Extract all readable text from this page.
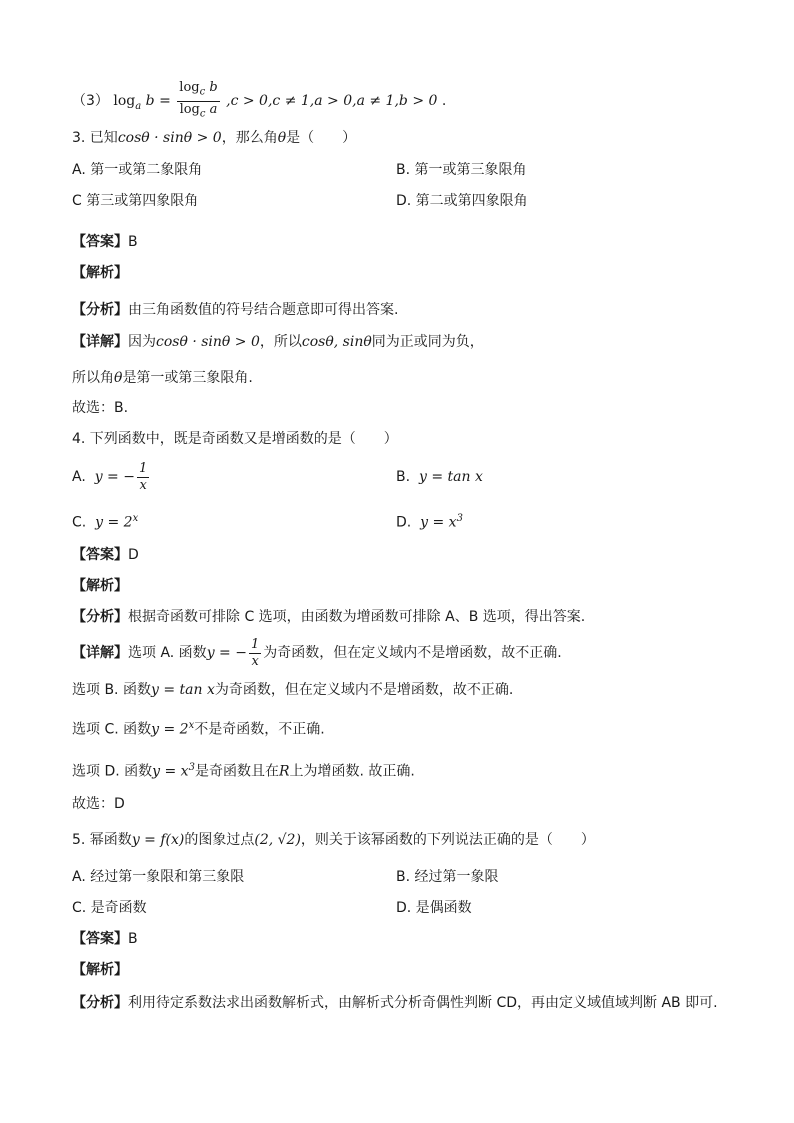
（3） $\log_a b = \frac{\log_c b}{\log_c a} ,c > 0,c \ne 1,a > 0,a \ne 1,b > 0$ .
3. 已知cosθ · sinθ > 0，那么角θ是（　　）
A. 第一或第二象限角	B. 第一或第三象限角
C 第三或第四象限角	D. 第二或第四象限角
【答案】B
【解析】
【分析】由三角函数值的符号结合题意即可得出答案.
【详解】因为cosθ · sinθ > 0，所以cosθ, sinθ同为正或同为负，
所以角θ是第一或第三象限角.
故选：B.
4. 下列函数中，既是奇函数又是增函数的是（　　）
A. y = − $\frac{1}{x}$	B. y = tan x
C. $y = 2^x$	D. $y = x^3$
【答案】D
【解析】
【分析】根据奇函数可排除 C 选项，由函数为增函数可排除 A、B 选项，得出答案.
【详解】选项 A. 函数y = − $\frac{1}{x}$ 为奇函数，但在定义域内不是增函数，故不正确.
选项 B. 函数y = tan x为奇函数，但在定义域内不是增函数，故不正确.
选项 C. 函数$y = 2^x$不是奇函数，不正确.
选项 D. 函数$y = x^3$是奇函数且在R上为增函数. 故正确.
故选：D
5. 幂函数y = f(x)的图象过点(2, √2)，则关于该幂函数的下列说法正确的是（　　）
A. 经过第一象限和第三象限	B. 经过第一象限
C. 是奇函数	D. 是偶函数
【答案】B
【解析】
【分析】利用待定系数法求出函数解析式，由解析式分析奇偶性判断 CD，再由定义域值域判断 AB 即可.
